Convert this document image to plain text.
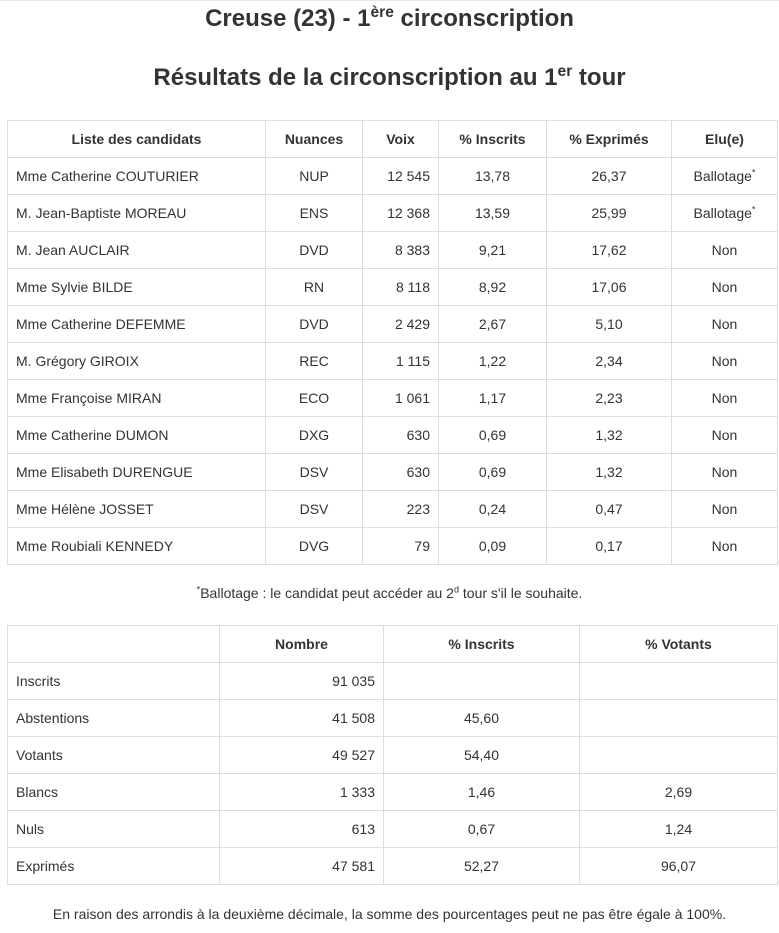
Creuse (23) - 1ère circonscription
Résultats de la circonscription au 1er tour
Liste des candidats	Nuances	Voix	% Inscrits	% Exprimés	Elu(e)
Mme Catherine COUTURIER	NUP	12 545	13,78	26,37	Ballotage*
M. Jean-Baptiste MOREAU	ENS	12 368	13,59	25,99	Ballotage*
M. Jean AUCLAIR	DVD	8 383	9,21	17,62	Non
Mme Sylvie BILDE	RN	8 118	8,92	17,06	Non
Mme Catherine DEFEMME	DVD	2 429	2,67	5,10	Non
M. Grégory GIROIX	REC	1 115	1,22	2,34	Non
Mme Françoise MIRAN	ECO	1 061	1,17	2,23	Non
Mme Catherine DUMON	DXG	630	0,69	1,32	Non
Mme Elisabeth DURENGUE	DSV	630	0,69	1,32	Non
Mme Hélène JOSSET	DSV	223	0,24	0,47	Non
Mme Roubiali KENNEDY	DVG	79	0,09	0,17	Non
*Ballotage : le candidat peut accéder au 2$^d$ tour s'il le souhaite.
	Nombre	% Inscrits	% Votants
Inscrits	91 035		
Abstentions	41 508	45,60	
Votants	49 527	54,40	
Blancs	1 333	1,46	2,69
Nuls	613	0,67	1,24
Exprimés	47 581	52,27	96,07
En raison des arrondis à la deuxième décimale, la somme des pourcentages peut ne pas être égale à 100%.
